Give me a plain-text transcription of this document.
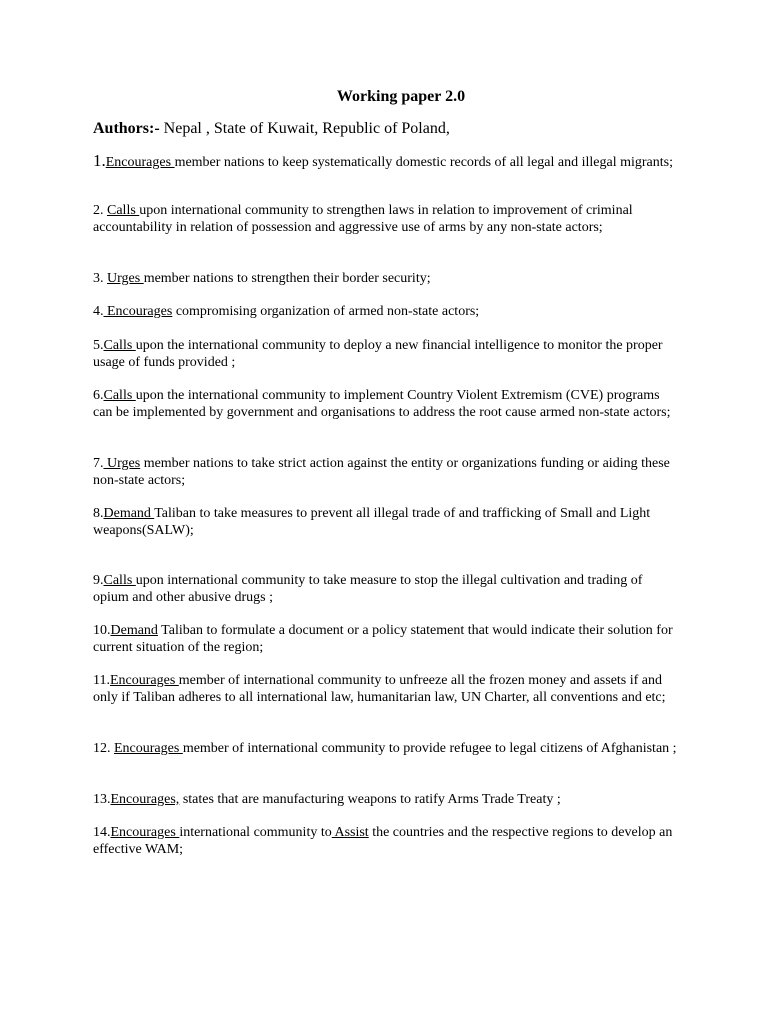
Working paper 2.0
Authors:- Nepal , State of Kuwait, Republic of Poland,
1.Encourages member nations to keep systematically domestic records of all legal and illegal migrants;
2. Calls upon international community to strengthen laws in relation to improvement of criminal accountability in relation of possession and aggressive use of arms by any non-state actors;
3. Urges member nations to strengthen their border security;
4. Encourages compromising organization of armed non-state actors;
5.Calls upon the international community to deploy a new financial intelligence to monitor the proper usage of funds provided ;
6.Calls upon the international community to implement Country Violent Extremism (CVE) programs can be implemented by government and organisations to address the root cause armed non-state actors;
7. Urges member nations to take strict action against the entity or organizations funding or aiding these non-state actors;
8.Demand Taliban to take measures to prevent all illegal trade of and trafficking of Small and Light weapons(SALW);
9.Calls upon international community to take measure to stop the illegal cultivation and trading of opium and other abusive drugs ;
10.Demand Taliban to formulate a document or a policy statement that would indicate their solution for current situation of the region;
11.Encourages member of international community to unfreeze all the frozen money and assets if and only if Taliban adheres to all international law, humanitarian law, UN Charter, all conventions and etc;
12. Encourages member of international community to provide refugee to legal citizens of Afghanistan ;
13.Encourages, states that are manufacturing weapons to ratify Arms Trade Treaty ;
14.Encourages international community to Assist the countries and the respective regions to develop an effective WAM;
